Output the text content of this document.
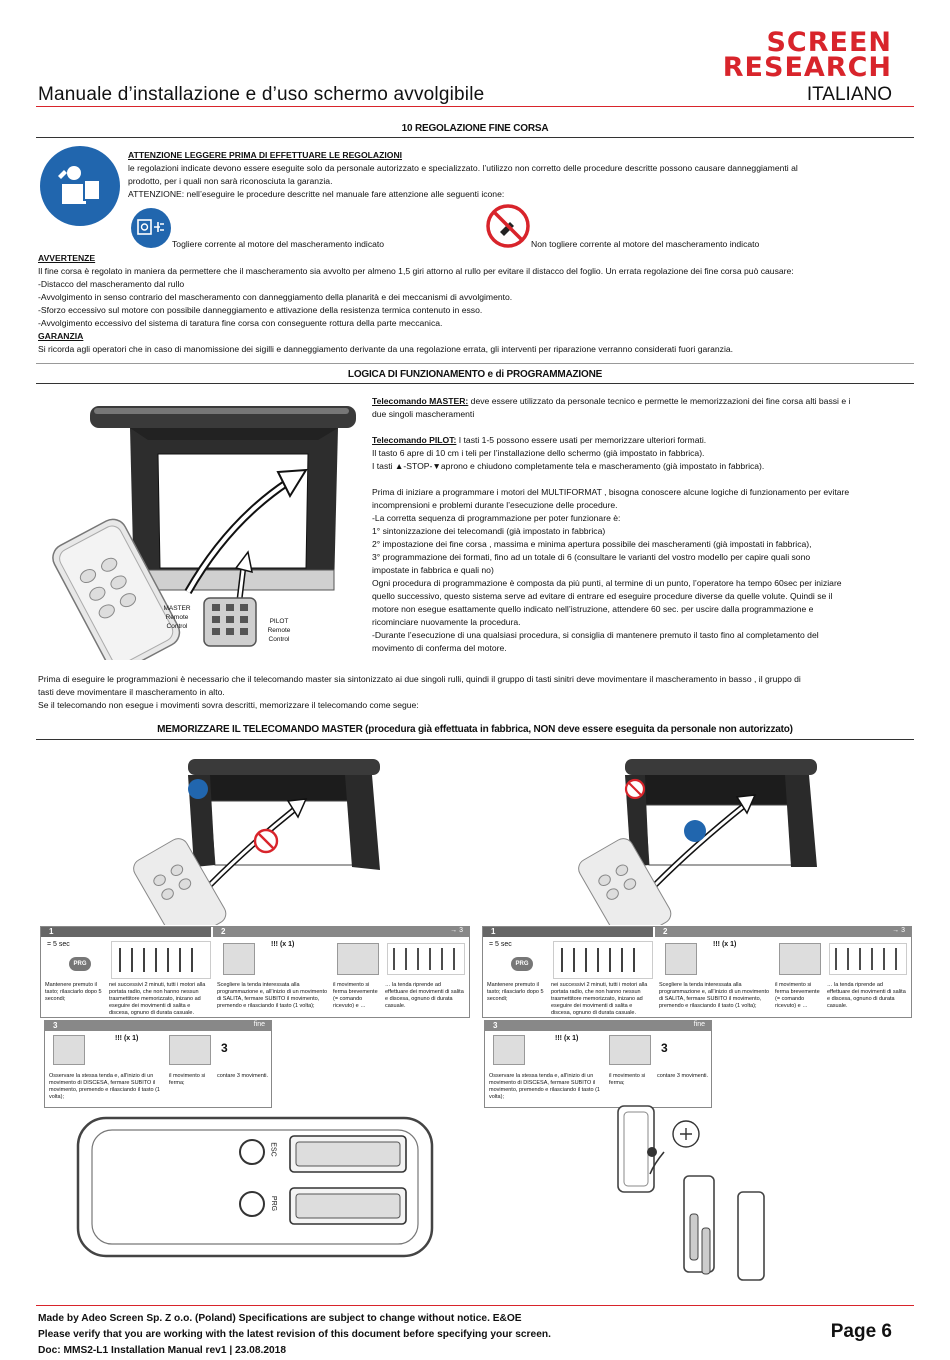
SCREEN
RESEARCH
Manuale d’installazione e d’uso schermo avvolgibile	ITALIANO
10 REGOLAZIONE FINE CORSA
ATTENZIONE LEGGERE PRIMA DI EFFETTUARE LE REGOLAZIONI
le regolazioni indicate devono essere eseguite solo da personale autorizzato e specializzato. l’utilizzo non corretto delle procedure descritte possono causare danneggiamenti al
prodotto, per i quali non sarà riconosciuta la garanzia.
ATTENZIONE: nell’eseguire le procedure descritte nel manuale fare attenzione alle seguenti icone:
Togliere corrente al motore del mascheramento indicato	Non togliere corrente al motore del mascheramento indicato
AVVERTENZE
Il fine corsa è regolato in maniera da permettere che il mascheramento sia avvolto per almeno 1,5 giri attorno al rullo per evitare il distacco del foglio. Un errata regolazione dei fine corsa può causare:
-Distacco del mascheramento dal rullo
-Avvolgimento in senso contrario del mascheramento con danneggiamento della planarità e dei meccanismi di avvolgimento.
-Sforzo eccessivo sul motore con possibile danneggiamento e attivazione della resistenza termica contenuto in esso.
-Avvolgimento eccessivo del sistema di taratura fine corsa con conseguente rottura della parte meccanica.
GARANZIA
Si ricorda agli operatori che in caso di manomissione dei sigilli e danneggiamento derivante da una regolazione errata, gli interventi per riparazione verranno considerati fuori garanzia.
LOGICA DI FUNZIONAMENTO e di PROGRAMMAZIONE
MASTER
Remote
Control
PILOT
Remote
Control
Telecomando MASTER: deve essere utilizzato da personale tecnico e permette le memorizzazioni dei fine corsa alti bassi e i
due singoli mascheramenti
Telecomando PILOT: I tasti 1-5 possono essere usati per memorizzare ulteriori formati.
Il tasto 6 apre di 10 cm i teli per l’installazione dello schermo (già impostato in fabbrica).
I tasti ▲-STOP-▼aprono e chiudono completamente tela e mascheramento (già impostato in fabbrica).
Prima di iniziare a programmare i motori del MULTIFORMAT , bisogna conoscere alcune logiche di funzionamento per evitare
incomprensioni e problemi durante l’esecuzione delle procedure.
-La corretta sequenza di programmazione per poter funzionare è:
1° sintonizzazione dei telecomandi (già impostato in fabbrica)
2° impostazione dei fine corsa , massima e minima apertura possibile dei mascheramenti (già impostati in fabbrica),
3° programmazione dei formati, fino ad un totale di 6 (consultare le varianti del vostro modello per capire quali sono
impostate in fabbrica e quali no)
Ogni procedura di programmazione è composta da più punti, al termine di un punto, l’operatore ha tempo 60sec per iniziare
quello successivo, questo sistema serve ad evitare di entrare ed eseguire procedure diverse da quelle volute. Quindi se il
motore non esegue esattamente quello indicato nell’istruzione, attendere 60 sec. per uscire dalla programmazione e
ricominciare nuovamente la procedura.
-Durante l’esecuzione di una qualsiasi procedura, si consiglia di mantenere premuto il tasto fino al completamento del
movimento di conferma del motore.
Prima di eseguire le programmazioni è necessario che il telecomando master sia sintonizzato ai due singoli rulli, quindi il gruppo di tasti sinitri deve movimentare il mascheramento in basso , il gruppo di
tasti deve movimentare il mascheramento in alto.
Se il telecomando non esegue i movimenti sovra descritti, memorizzare il telecomando come segue:
MEMORIZZARE IL TELECOMANDO MASTER (procedura già effettuata in fabbrica, NON deve essere eseguita da personale non autorizzato)
1	2	→ 3
= 5 sec
PRG
!!! (x 1)
Mantenere premuto il tasto; rilasciarlo dopo 5 secondi;
nei successivi 2 minuti, tutti i motori alla portata radio, che non hanno nessun trasmettitore memorizzato, inizano ad eseguire dei movimenti di salita e discesa, ognuno di durata casuale.
Scegliere la tenda interessata alla programmazione e, all’inizio di un movimento di SALITA, fermare SUBITO il movimento, premendo e rilasciando il tasto (1 volta);
il movimento si ferma brevemente (= comando ricevuto) e …
… la tenda riprende ad effettuare dei movimenti di salita e discesa, ognuno di durata casuale.
1	2	→ 3
= 5 sec
PRG
!!! (x 1)
Mantenere premuto il tasto; rilasciarlo dopo 5 secondi;
nei successivi 2 minuti, tutti i motori alla portata radio, che non hanno nessun trasmettitore memorizzato, inizano ad eseguire dei movimenti di salita e discesa, ognuno di durata casuale.
Scegliere la tenda interessata alla programmazione e, all’inizio di un movimento di SALITA, fermare SUBITO il movimento, premendo e rilasciando il tasto (1 volta);
il movimento si ferma brevemente (= comando ricevuto) e …
… la tenda riprende ad effettuare dei movimenti di salita e discesa, ognuno di durata casuale.
3	fine
!!! (x 1)
3
Osservare la stessa tenda e, all’inizio di un movimento di DISCESA, fermare SUBITO il movimento, premendo e rilasciando il tasto (1 volta);
il movimento si ferma;
contare 3 movimenti.
3	fine
!!! (x 1)
3
Osservare la stessa tenda e, all’inizio di un movimento di DISCESA, fermare SUBITO il movimento, premendo e rilasciando il tasto (1 volta);
il movimento si ferma;
contare 3 movimenti.
ESC
PRG
Made by Adeo Screen Sp. Z o.o. (Poland) Specifications are subject to change without notice. E&OE
Please verify that you are working with the latest revision of this document before specifying your screen.
Doc: MMS2-L1 Installation Manual rev1 | 23.08.2018
Page 6
